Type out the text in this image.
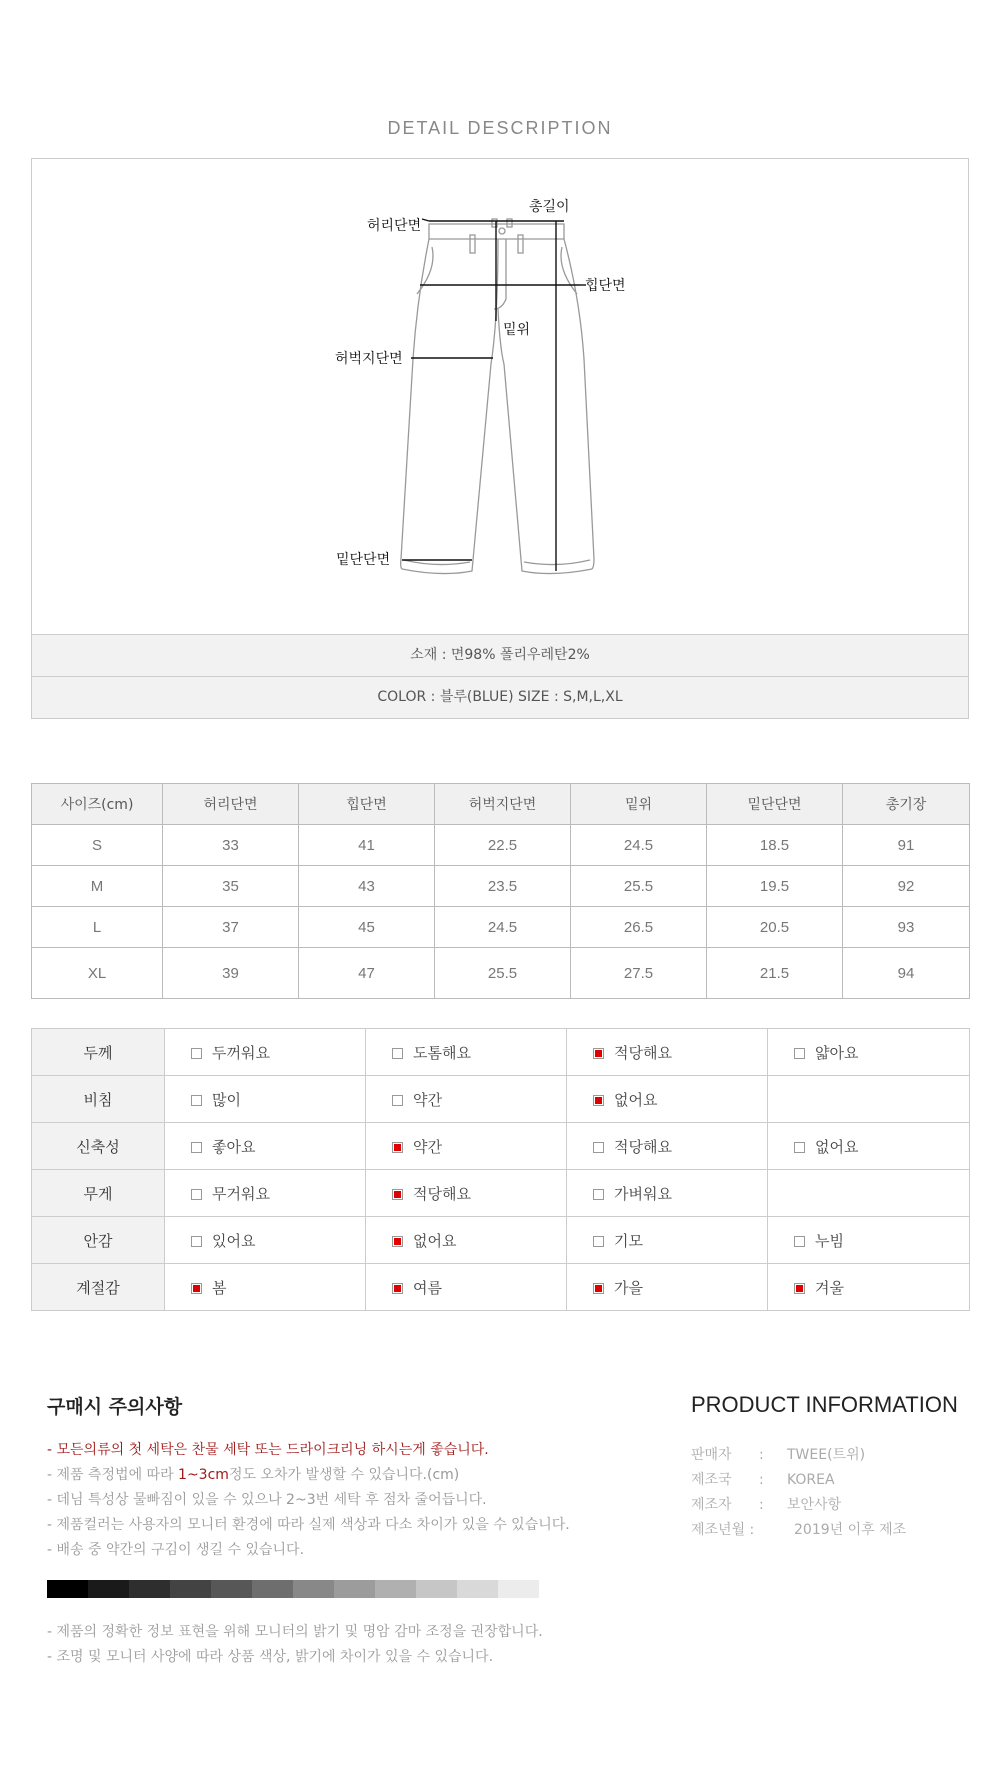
DETAIL DESCRIPTION
총길이
허리단면
힙단면
밑위
허벅지단면
밑단단면
소재 : 면98% 폴리우레탄2%
COLOR : 블루(BLUE) SIZE : S,M,L,XL
사이즈(cm)	허리단면	힙단면	허벅지단면	밑위	밑단단면	총기장
S	33	41	22.5	24.5	18.5	91
M	35	43	23.5	25.5	19.5	92
L	37	45	24.5	26.5	20.5	93
XL	39	47	25.5	27.5	21.5	94
두께	두꺼워요	도톰해요	적당해요	얇아요
비침	많이	약간	없어요	
신축성	좋아요	약간	적당해요	없어요
무게	무거워요	적당해요	가벼워요	
안감	있어요	없어요	기모	누빔
계절감	봄	여름	가을	겨울
구매시 주의사항
- 모든의류의 첫 세탁은 찬물 세탁 또는 드라이크리닝 하시는게 좋습니다.
- 제품 측정법에 따라 1~3cm정도 오차가 발생할 수 있습니다.(cm)
- 데님 특성상 물빠짐이 있을 수 있으나 2~3번 세탁 후 점차 줄어듭니다.
- 제품컬러는 사용자의 모니터 환경에 따라 실제 색상과 다소 차이가 있을 수 있습니다.
- 배송 중 약간의 구김이 생길 수 있습니다.
- 제품의 정확한 정보 표현을 위해 모니터의 밝기 및 명암 감마 조정을 권장합니다.
- 조명 및 모니터 사양에 따라 상품 색상, 밝기에 차이가 있을 수 있습니다.
PRODUCT INFORMATION
판매자 : TWEE(트위)
제조국 : KOREA
제조자 : 보안사항
제조년월 :	2019년 이후 제조
